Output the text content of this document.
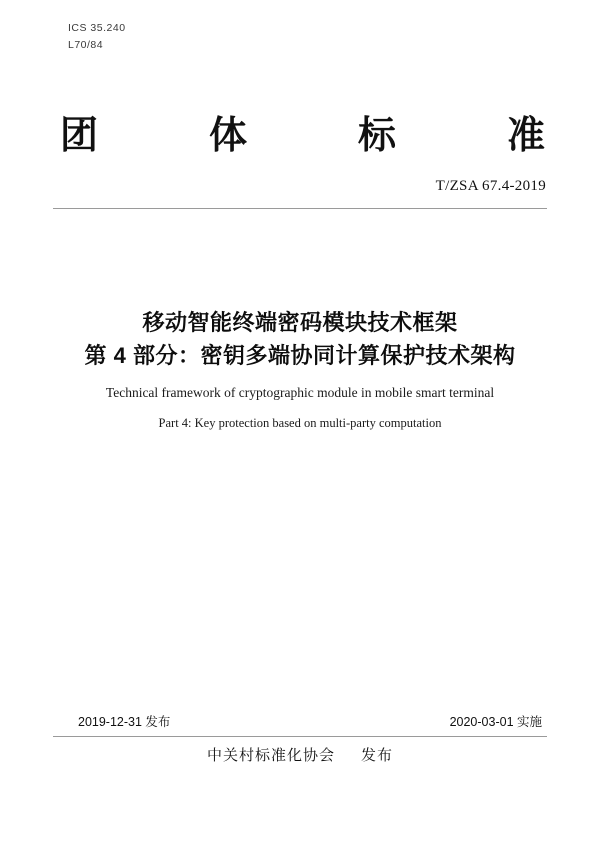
ICS 35.240
L70/84
团	体	标	准
T/ZSA 67.4-2019
移动智能终端密码模块技术框架
第 4 部分：密钥多端协同计算保护技术架构
Technical framework of cryptographic module in mobile smart terminal
Part 4: Key protection based on multi-party computation
2019-12-31 发布	2020-03-01 实施
中关村标准化协会 发布
